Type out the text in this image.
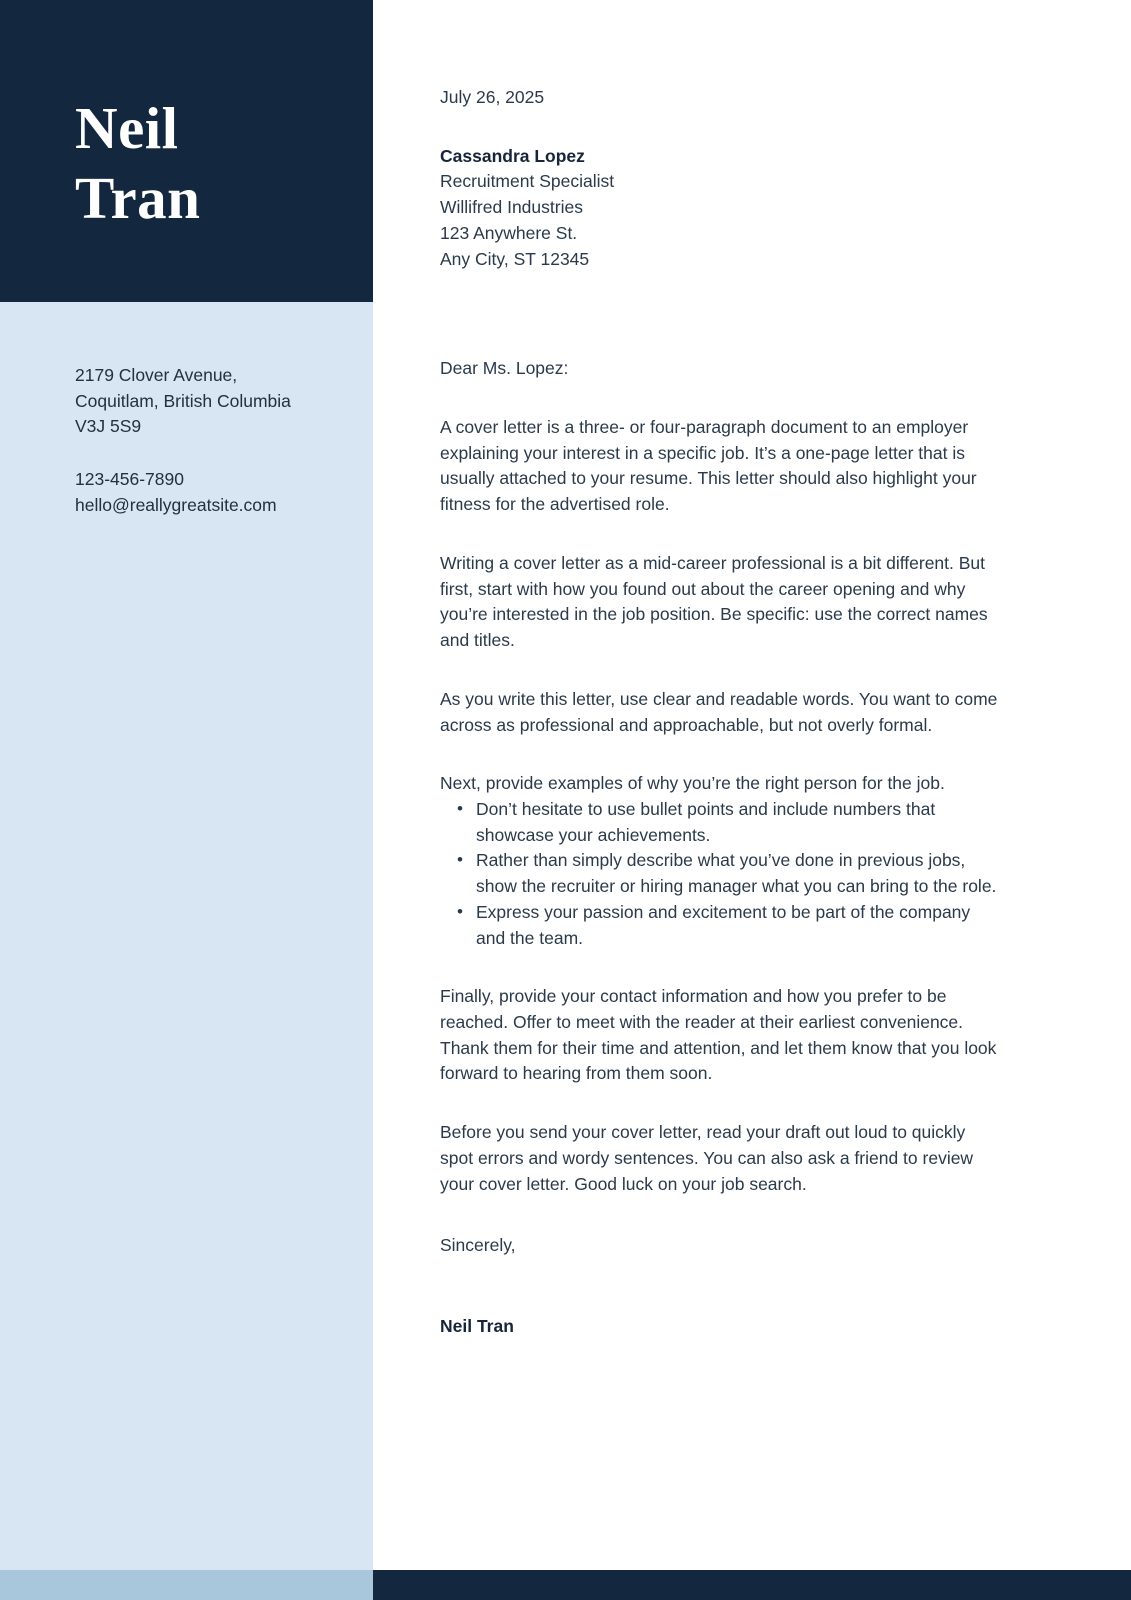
Neil
Tran
2179 Clover Avenue,
Coquitlam, British Columbia
V3J 5S9
123-456-7890
hello@reallygreatsite.com

July 26, 2025

Cassandra Lopez
Recruitment Specialist
Willifred Industries
123 Anywhere St.
Any City, ST 12345

Dear Ms. Lopez:

A cover letter is a three- or four-paragraph document to an employer explaining your interest in a specific job. It’s a one-page letter that is usually attached to your resume. This letter should also highlight your fitness for the advertised role.

Writing a cover letter as a mid-career professional is a bit different. But first, start with how you found out about the career opening and why you’re interested in the job position. Be specific: use the correct names and titles.

As you write this letter, use clear and readable words. You want to come across as professional and approachable, but not overly formal.

Next, provide examples of why you’re the right person for the job.

• Don’t hesitate to use bullet points and include numbers that showcase your achievements.
• Rather than simply describe what you’ve done in previous jobs, show the recruiter or hiring manager what you can bring to the role.
• Express your passion and excitement to be part of the company and the team.

Finally, provide your contact information and how you prefer to be reached. Offer to meet with the reader at their earliest convenience. Thank them for their time and attention, and let them know that you look forward to hearing from them soon.

Before you send your cover letter, read your draft out loud to quickly spot errors and wordy sentences. You can also ask a friend to review your cover letter. Good luck on your job search.

Sincerely,

Neil Tran
